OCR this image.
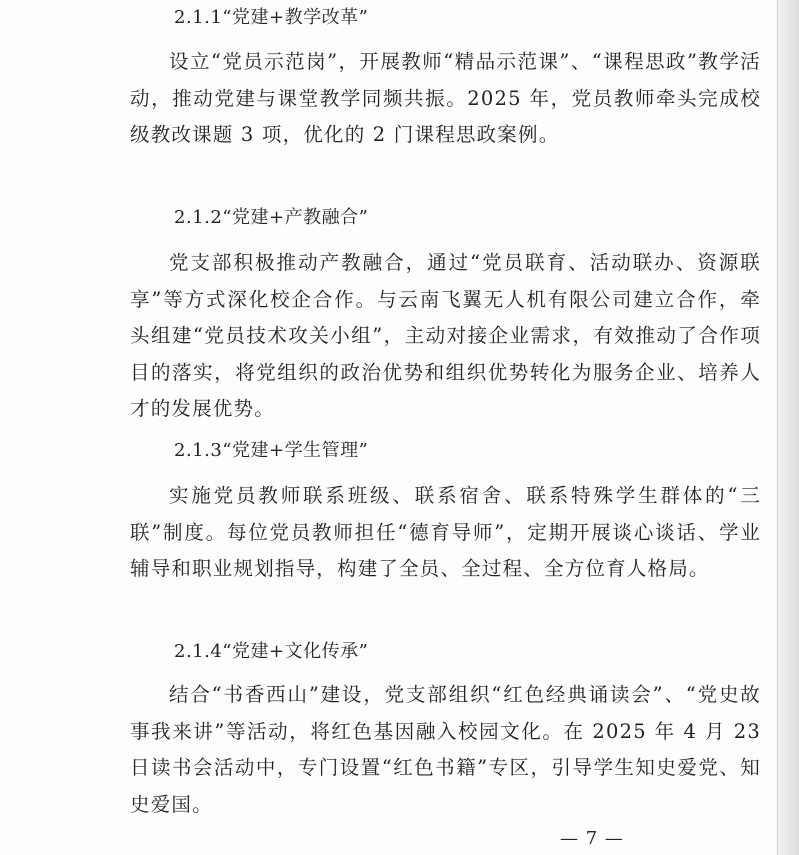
2.1.1“党建+教学改革”

设立“党员示范岗”，开展教师“精品示范课”、“课程思政”教学活动，推动党建与课堂教学同频共振。2025 年，党员教师牵头完成校级教改课题 3 项，优化的 2 门课程思政案例。

2.1.2“党建+产教融合”

党支部积极推动产教融合，通过“党员联育、活动联办、资源联享”等方式深化校企合作。与云南飞翼无人机有限公司建立合作，牵头组建“党员技术攻关小组”，主动对接企业需求，有效推动了合作项目的落实，将党组织的政治优势和组织优势转化为服务企业、培养人才的发展优势。

2.1.3“党建+学生管理”

实施党员教师联系班级、联系宿舍、联系特殊学生群体的“三联”制度。每位党员教师担任“德育导师”，定期开展谈心谈话、学业辅导和职业规划指导，构建了全员、全过程、全方位育人格局。

2.1.4“党建+文化传承”

结合“书香西山”建设，党支部组织“红色经典诵读会”、“党史故事我来讲”等活动，将红色基因融入校园文化。在 2025 年 4 月 23 日读书会活动中，专门设置“红色书籍”专区，引导学生知史爱党、知史爱国。

— 7 —
